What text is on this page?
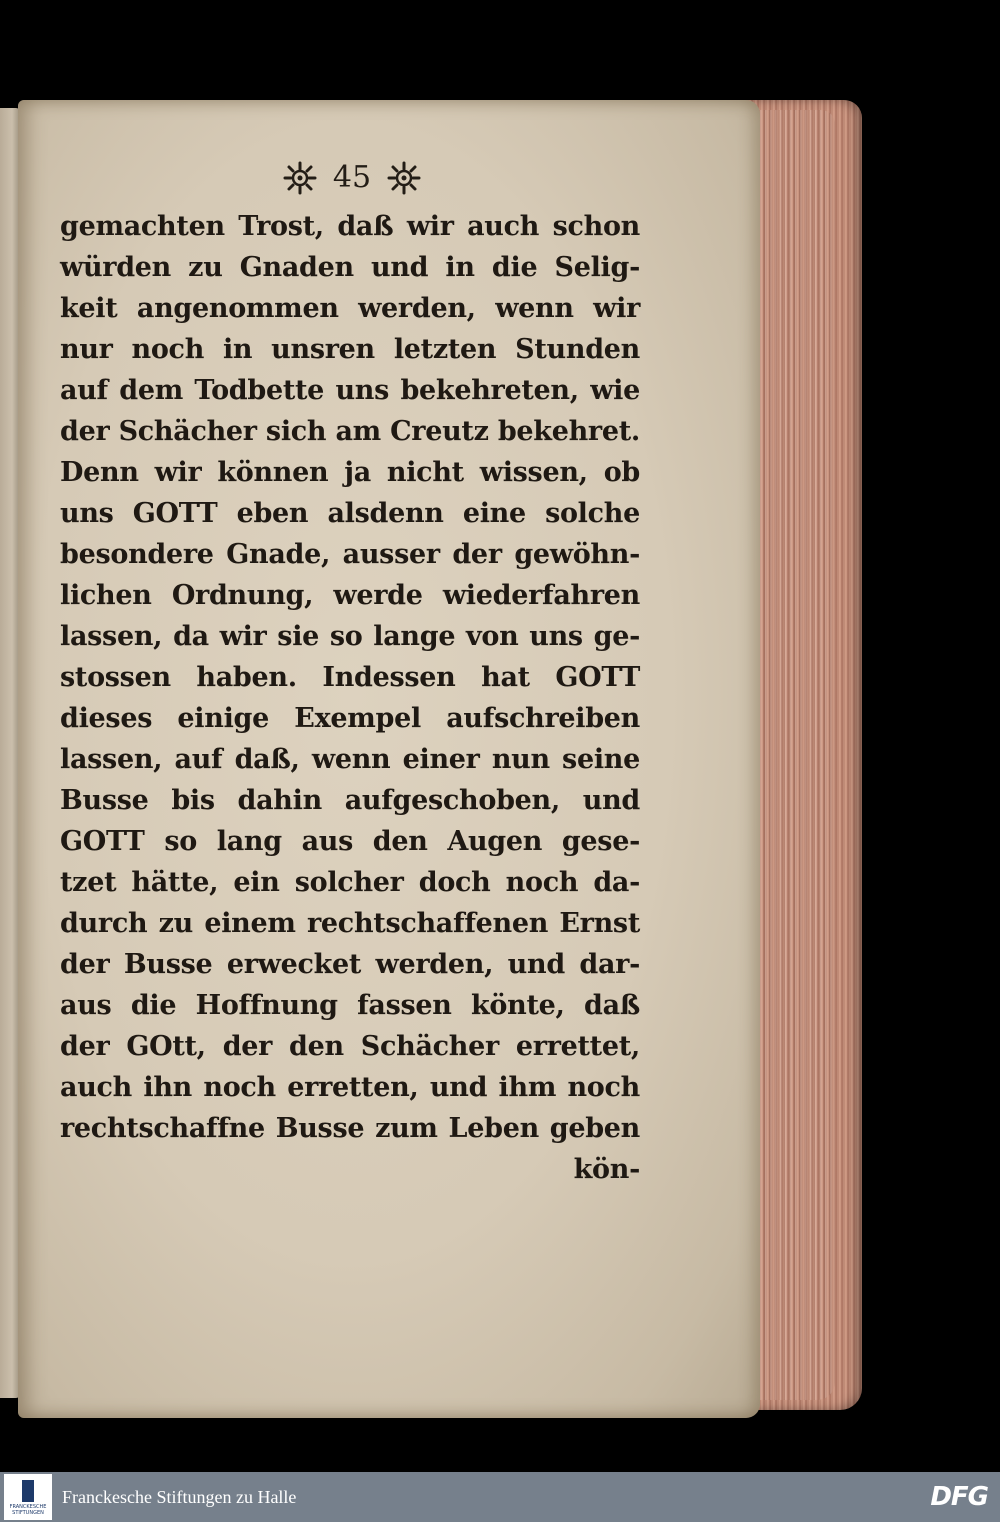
45
gemachten Trost, daß wir auch schon
würden zu Gnaden und in die Selig-
keit angenommen werden, wenn wir
nur noch in unsren letzten Stunden
auf dem Todbette uns bekehreten, wie
der Schächer sich am Creutz bekehret.
Denn wir können ja nicht wissen, ob
uns GOTT eben alsdenn eine solche
besondere Gnade, ausser der gewöhn-
lichen Ordnung, werde wiederfahren
lassen, da wir sie so lange von uns ge-
stossen haben. Indessen hat GOTT
dieses einige Exempel aufschreiben
lassen, auf daß, wenn einer nun seine
Busse bis dahin aufgeschoben, und
GOTT so lang aus den Augen gese-
tzet hätte, ein solcher doch noch da-
durch zu einem rechtschaffenen Ernst
der Busse erwecket werden, und dar-
aus die Hoffnung fassen könte, daß
der GOtt, der den Schächer errettet,
auch ihn noch erretten, und ihm noch
rechtschaffne Busse zum Leben geben
kön-
FRANCKESCHE STIFTUNGEN
Franckesche Stiftungen zu Halle	DFG
